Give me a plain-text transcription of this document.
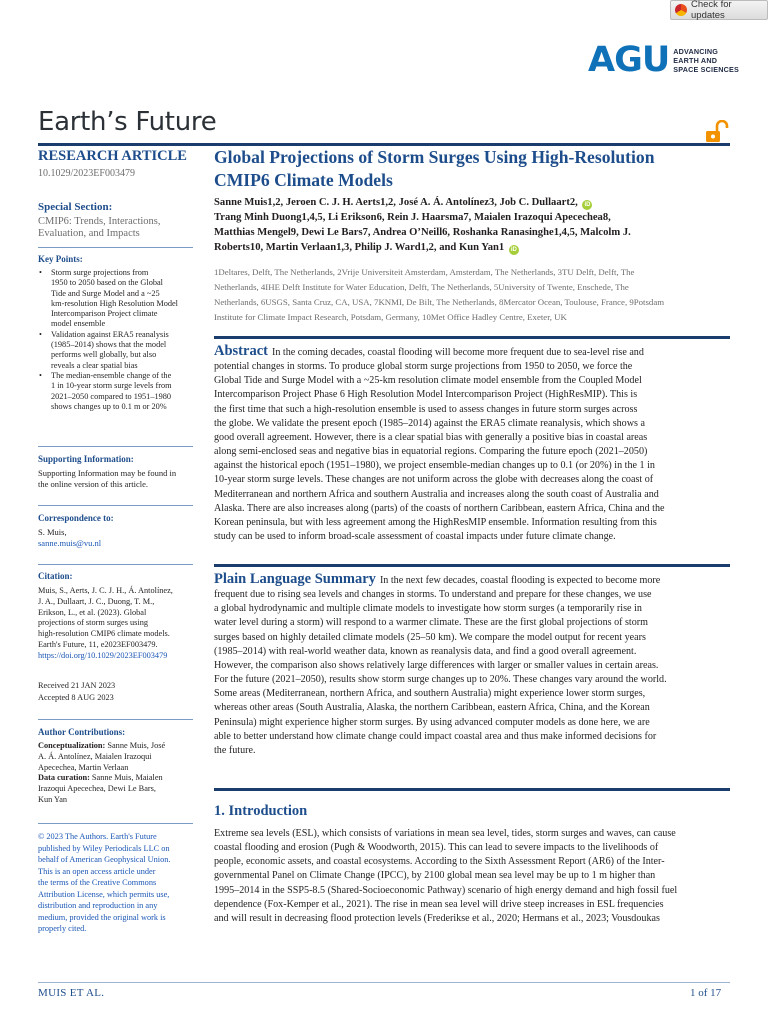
Check for updates
AGU ADVANCING
EARTH AND
SPACE SCIENCES
Earth’s Future
RESEARCH ARTICLE
10.1029/2023EF003479
Special Section:
CMIP6: Trends, Interactions,
Evaluation, and Impacts
Key Points:
• Storm surge projections from
1950 to 2050 based on the Global
Tide and Surge Model and a ~25
km-resolution High Resolution Model
Intercomparison Project climate
model ensemble
• Validation against ERA5 reanalysis
(1985–2014) shows that the model
performs well globally, but also
reveals a clear spatial bias
• The median-ensemble change of the
1 in 10-year storm surge levels from
2021–2050 compared to 1951–1980
shows changes up to 0.1 m or 20%
Supporting Information:
Supporting Information may be found in
the online version of this article.
Correspondence to:
S. Muis,
sanne.muis@vu.nl
Citation:
Muis, S., Aerts, J. C. J. H., Á. Antolínez,
J. A., Dullaart, J. C., Duong, T. M.,
Erikson, L., et al. (2023). Global
projections of storm surges using
high-resolution CMIP6 climate models.
Earth's Future, 11, e2023EF003479.
https://doi.org/10.1029/2023EF003479
Received 21 JAN 2023
Accepted 8 AUG 2023
Author Contributions:
Conceptualization: Sanne Muis, José
A. Á. Antolínez, Maialen Irazoqui
Apecechea, Martin Verlaan
Data curation: Sanne Muis, Maialen
Irazoqui Apecechea, Dewi Le Bars,
Kun Yan
© 2023 The Authors. Earth's Future
published by Wiley Periodicals LLC on
behalf of American Geophysical Union.
This is an open access article under
the terms of the Creative Commons
Attribution License, which permits use,
distribution and reproduction in any
medium, provided the original work is
properly cited.
Global Projections of Storm Surges Using High-Resolution
CMIP6 Climate Models
Sanne Muis1,2, Jeroen C. J. H. Aerts1,2, José A. Á. Antolínez3, Job C. Dullaart2, iD
Trang Minh Duong1,4,5, Li Erikson6, Rein J. Haarsma7, Maialen Irazoqui Apecechea8,
Matthias Mengel9, Dewi Le Bars7, Andrea O’Neill6, Roshanka Ranasinghe1,4,5, Malcolm J.
Roberts10, Martin Verlaan1,3, Philip J. Ward1,2, and Kun Yan1 iD
1Deltares, Delft, The Netherlands, 2Vrije Universiteit Amsterdam, Amsterdam, The Netherlands, 3TU Delft, Delft, The
Netherlands, 4IHE Delft Institute for Water Education, Delft, The Netherlands, 5University of Twente, Enschede, The
Netherlands, 6USGS, Santa Cruz, CA, USA, 7KNMI, De Bilt, The Netherlands, 8Mercator Ocean, Toulouse, France, 9Potsdam
Institute for Climate Impact Research, Potsdam, Germany, 10Met Office Hadley Centre, Exeter, UK
Abstract In the coming decades, coastal flooding will become more frequent due to sea-level rise and
potential changes in storms. To produce global storm surge projections from 1950 to 2050, we force the
Global Tide and Surge Model with a ~25-km resolution climate model ensemble from the Coupled Model
Intercomparison Project Phase 6 High Resolution Model Intercomparison Project (HighResMIP). This is
the first time that such a high-resolution ensemble is used to assess changes in future storm surges across
the globe. We validate the present epoch (1985–2014) against the ERA5 climate reanalysis, which shows a
good overall agreement. However, there is a clear spatial bias with generally a positive bias in coastal areas
along semi-enclosed seas and negative bias in equatorial regions. Comparing the future epoch (2021–2050)
against the historical epoch (1951–1980), we project ensemble-median changes up to 0.1 (or 20%) in the 1 in
10-year storm surge levels. These changes are not uniform across the globe with decreases along the coast of
Mediterranean and northern Africa and southern Australia and increases along the south coast of Australia and
Alaska. There are also increases along (parts) of the coasts of northern Caribbean, eastern Africa, China and the
Korean peninsula, but with less agreement among the HighResMIP ensemble. Information resulting from this
study can be used to inform broad-scale assessment of coastal impacts under future climate change.
Plain Language Summary In the next few decades, coastal flooding is expected to become more
frequent due to rising sea levels and changes in storms. To understand and prepare for these changes, we use
a global hydrodynamic and multiple climate models to investigate how storm surges (a temporarily rise in
water level during a storm) will respond to a warmer climate. These are the first global projections of storm
surges based on highly detailed climate models (25–50 km). We compare the model output for recent years
(1985–2014) with real-world weather data, known as reanalysis data, and find a good overall agreement.
However, the comparison also shows relatively large differences with larger or smaller values in certain areas.
For the future (2021–2050), results show storm surge changes up to 20%. These changes vary around the world.
Some areas (Mediterranean, northern Africa, and southern Australia) might experience lower storm surges,
whereas other areas (South Australia, Alaska, the northern Caribbean, eastern Africa, China, and the Korean
Peninsula) might experience higher storm surges. By using advanced computer models as done here, we are
able to better understand how climate change could impact coastal area and thus make informed decisions for
the future.
1. Introduction
Extreme sea levels (ESL), which consists of variations in mean sea level, tides, storm surges and waves, can cause
coastal flooding and erosion (Pugh & Woodworth, 2015). This can lead to severe impacts to the livelihoods of
people, economic assets, and coastal ecosystems. According to the Sixth Assessment Report (AR6) of the Inter-
governmental Panel on Climate Change (IPCC), by 2100 global mean sea level may be up to 1 m higher than
1995–2014 in the SSP5-8.5 (Shared-Socioeconomic Pathway) scenario of high energy demand and high fossil fuel
dependence (Fox-Kemper et al., 2021). The rise in mean sea level will drive steep increases in ESL frequencies
and will result in decreasing flood protection levels (Frederikse et al., 2020; Hermans et al., 2023; Vousdoukas
MUIS ET AL.	1 of 17
